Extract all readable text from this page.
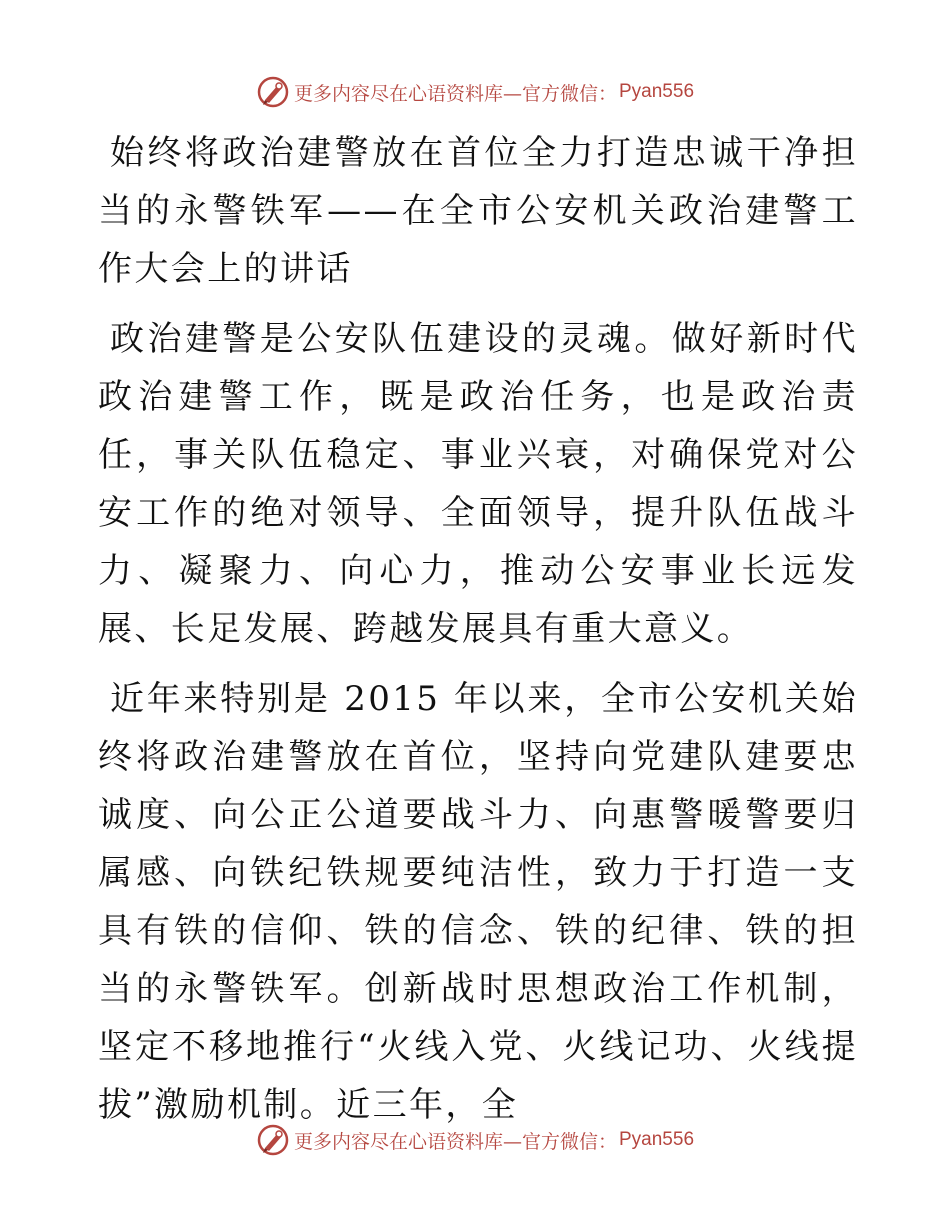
更多内容尽在心语资料库—官方微信： Pyan556

始终将政治建警放在首位全力打造忠诚干净担当的永警铁军——在全市公安机关政治建警工作大会上的讲话

政治建警是公安队伍建设的灵魂。做好新时代政治建警工作，既是政治任务，也是政治责任，事关队伍稳定、事业兴衰，对确保党对公安工作的绝对领导、全面领导，提升队伍战斗力、凝聚力、向心力，推动公安事业长远发展、长足发展、跨越发展具有重大意义。

近年来特别是 2015 年以来，全市公安机关始终将政治建警放在首位，坚持向党建队建要忠诚度、向公正公道要战斗力、向惠警暖警要归属感、向铁纪铁规要纯洁性，致力于打造一支具有铁的信仰、铁的信念、铁的纪律、铁的担当的永警铁军。创新战时思想政治工作机制，坚定不移地推行“火线入党、火线记功、火线提拔”激励机制。近三年，全

更多内容尽在心语资料库—官方微信： Pyan556
